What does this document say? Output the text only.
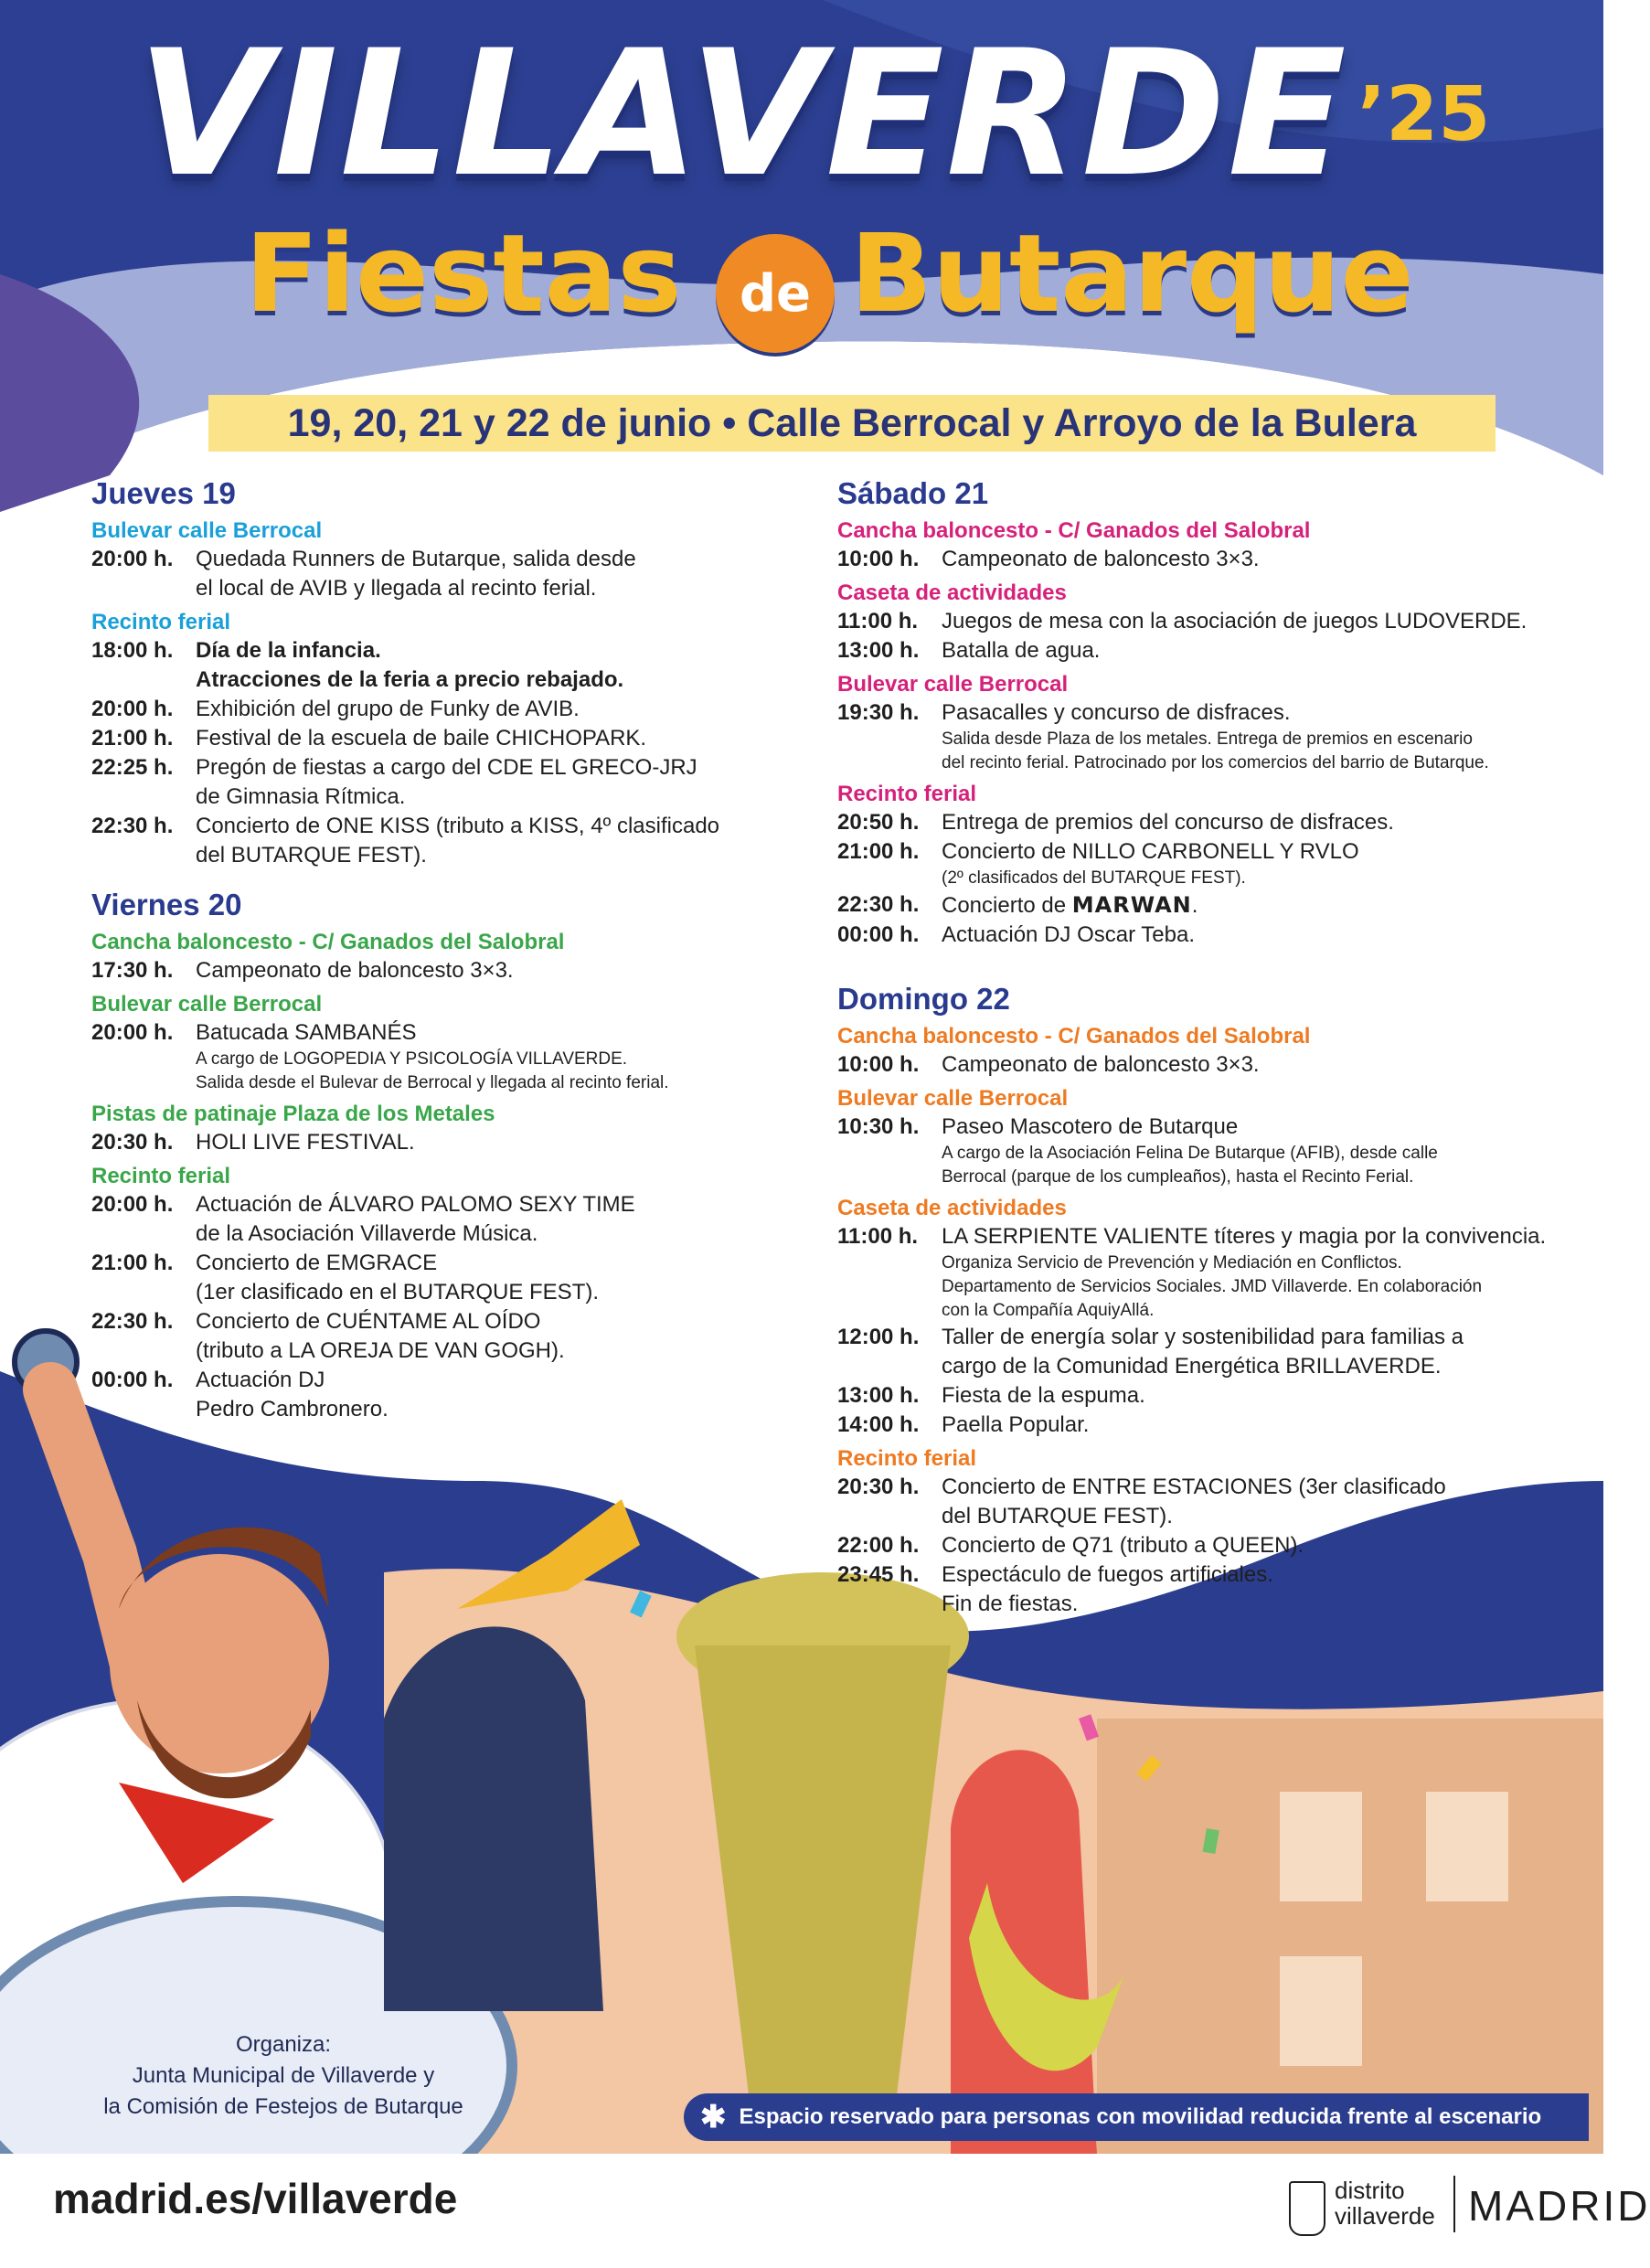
VILLAVERDE ’25
Fiestas	de Butarque
19, 20, 21 y 22 de junio • Calle Berrocal y Arroyo de la Bulera
Jueves 19
Bulevar calle Berrocal
20:00 h.	Quedada Runners de Butarque, salida desde
el local de AVIB y llegada al recinto ferial.
Recinto ferial
18:00 h.	Día de la infancia.
Atracciones de la feria a precio rebajado.
20:00 h.	Exhibición del grupo de Funky de AVIB.
21:00 h.	Festival de la escuela de baile CHICHOPARK.
22:25 h.	Pregón de fiestas a cargo del CDE EL GRECO-JRJ
de Gimnasia Rítmica.
22:30 h.	Concierto de ONE KISS (tributo a KISS, 4º clasificado
del BUTARQUE FEST).
Viernes 20
Cancha baloncesto - C/ Ganados del Salobral
17:30 h.	Campeonato de baloncesto 3×3.
Bulevar calle Berrocal
20:00 h.	Batucada SAMBANÉS
A cargo de LOGOPEDIA Y PSICOLOGÍA VILLAVERDE.
Salida desde el Bulevar de Berrocal y llegada al recinto ferial.
Pistas de patinaje Plaza de los Metales
20:30 h.	HOLI LIVE FESTIVAL.
Recinto ferial
20:00 h.	Actuación de ÁLVARO PALOMO SEXY TIME
de la Asociación Villaverde Música.
21:00 h.	Concierto de EMGRACE
(1er clasificado en el BUTARQUE FEST).
22:30 h.	Concierto de CUÉNTAME AL OÍDO
(tributo a LA OREJA DE VAN GOGH).
00:00 h.	Actuación DJ
Pedro Cambronero.
Sábado 21
Cancha baloncesto - C/ Ganados del Salobral
10:00 h.	Campeonato de baloncesto 3×3.
Caseta de actividades
11:00 h.	Juegos de mesa con la asociación de juegos LUDOVERDE.
13:00 h.	Batalla de agua.
Bulevar calle Berrocal
19:30 h.	Pasacalles y concurso de disfraces.
Salida desde Plaza de los metales. Entrega de premios en escenario
del recinto ferial. Patrocinado por los comercios del barrio de Butarque.
Recinto ferial
20:50 h.	Entrega de premios del concurso de disfraces.
21:00 h.	Concierto de NILLO CARBONELL Y RVLO
(2º clasificados del BUTARQUE FEST).
22:30 h.	Concierto de MARWAN.
00:00 h.	Actuación DJ Oscar Teba.
Domingo 22
Cancha baloncesto - C/ Ganados del Salobral
10:00 h.	Campeonato de baloncesto 3×3.
Bulevar calle Berrocal
10:30 h.	Paseo Mascotero de Butarque
A cargo de la Asociación Felina De Butarque (AFIB), desde calle
Berrocal (parque de los cumpleaños), hasta el Recinto Ferial.
Caseta de actividades
11:00 h.	LA SERPIENTE VALIENTE títeres y magia por la convivencia.
Organiza Servicio de Prevención y Mediación en Conflictos.
Departamento de Servicios Sociales. JMD Villaverde. En colaboración
con la Compañía AquiyAllá.
12:00 h.	Taller de energía solar y sostenibilidad para familias a
cargo de la Comunidad Energética BRILLAVERDE.
13:00 h.	Fiesta de la espuma.
14:00 h.	Paella Popular.
Recinto ferial
20:30 h.	Concierto de ENTRE ESTACIONES (3er clasificado
del BUTARQUE FEST).
22:00 h.	Concierto de Q71 (tributo a QUEEN).
23:45 h.	Espectáculo de fuegos artificiales.
Fin de fiestas.
Organiza:
Junta Municipal de Villaverde y
la Comisión de Festejos de Butarque	✱ Espacio reservado para personas con movilidad reducida frente al escenario
madrid.es/villaverde	distrito
villaverde MADRID
